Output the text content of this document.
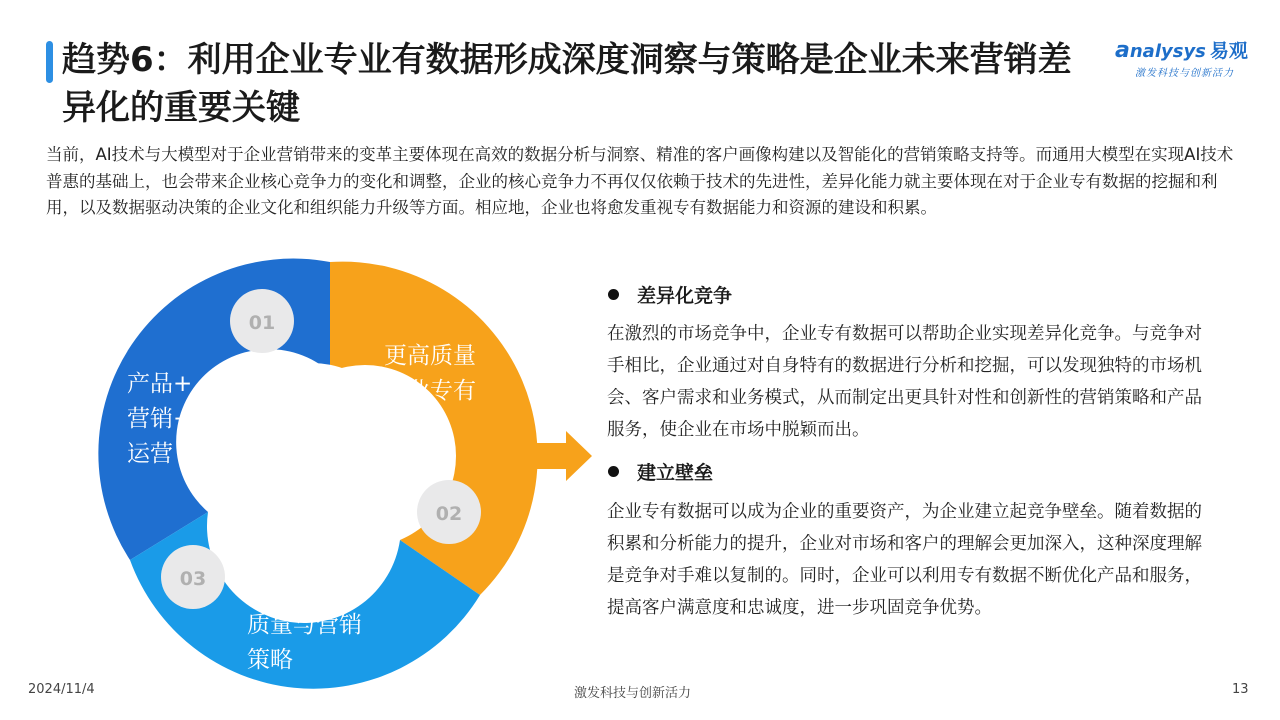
趋势6：利用企业专业有数据形成深度洞察与策略是企业未来营销差异化的重要关键
analysys 易观
激发科技与创新活力

当前，AI技术与大模型对于企业营销带来的变革主要体现在高效的数据分析与洞察、精准的客户画像构建以及智能化的营销策略支持等。而通用大模型在实现AI技术普惠的基础上，也会带来企业核心竞争力的变化和调整，企业的核心竞争力不再仅仅依赖于技术的先进性，差异化能力就主要体现在对于企业专有数据的挖掘和利用，以及数据驱动决策的企业文化和组织能力升级等方面。相应地，企业也将愈发重视专有数据能力和资源的建设和积累。

01
02
03
产品+
营销+
运营
更高质量
企业专有
数据
更好的模型
质量与营销
策略
差异化竞争

在激烈的市场竞争中，企业专有数据可以帮助企业实现差异化竞争。与竞争对手相比，企业通过对自身特有的数据进行分析和挖掘，可以发现独特的市场机会、客户需求和业务模式，从而制定出更具针对性和创新性的营销策略和产品服务，使企业在市场中脱颖而出。

建立壁垒

企业专有数据可以成为企业的重要资产，为企业建立起竞争壁垒。随着数据的积累和分析能力的提升，企业对市场和客户的理解会更加深入，这种深度理解是竞争对手难以复制的。同时，企业可以利用专有数据不断优化产品和服务，提高客户满意度和忠诚度，进一步巩固竞争优势。

2024/11/4	激发科技与创新活力	13
